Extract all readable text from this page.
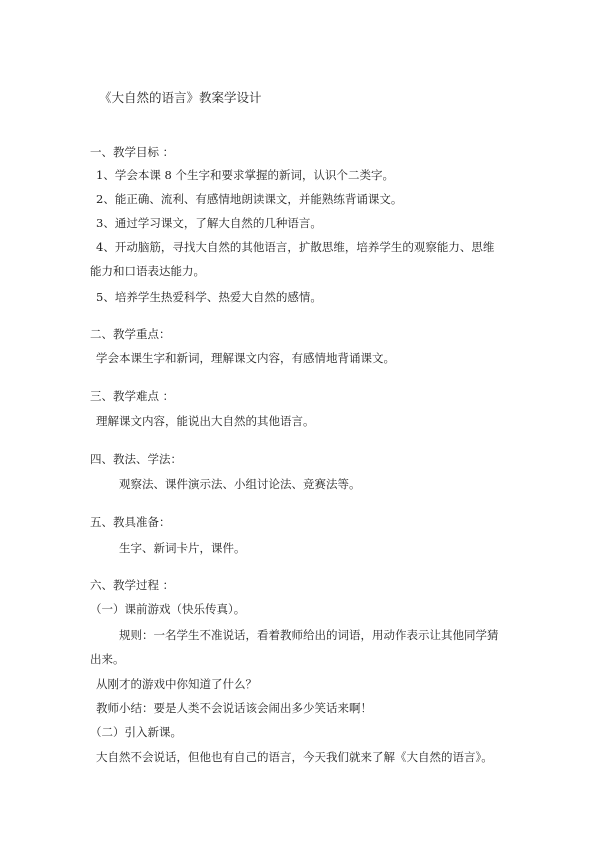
《大自然的语言》教案学设计
一、教学目标 ：
1、学会本课 8 个生字和要求掌握的新词，认识个二类字。
2、能正确、流利、有感情地朗读课文，并能熟练背诵课文。
3、通过学习课文，了解大自然的几种语言。
4、开动脑筋，寻找大自然的其他语言，扩散思维，培养学生的观察能力、思维
能力和口语表达能力。
5、培养学生热爱科学、热爱大自然的感情。
二、教学重点：
学会本课生字和新词，理解课文内容，有感情地背诵课文。
三、教学难点 ：
理解课文内容，能说出大自然的其他语言。
四、教法、学法：
观察法、课件演示法、小组讨论法、竞赛法等。
五、教具准备：
生字、新词卡片，课件。
六、教学过程 ：
（一）课前游戏（快乐传真）。
规则：一名学生不准说话，看着教师给出的词语，用动作表示让其他同学猜
出来。
从刚才的游戏中你知道了什么？
教师小结：要是人类不会说话该会闹出多少笑话来啊！
（二）引入新课。
大自然不会说话，但他也有自己的语言，今天我们就来了解《大自然的语言》。
